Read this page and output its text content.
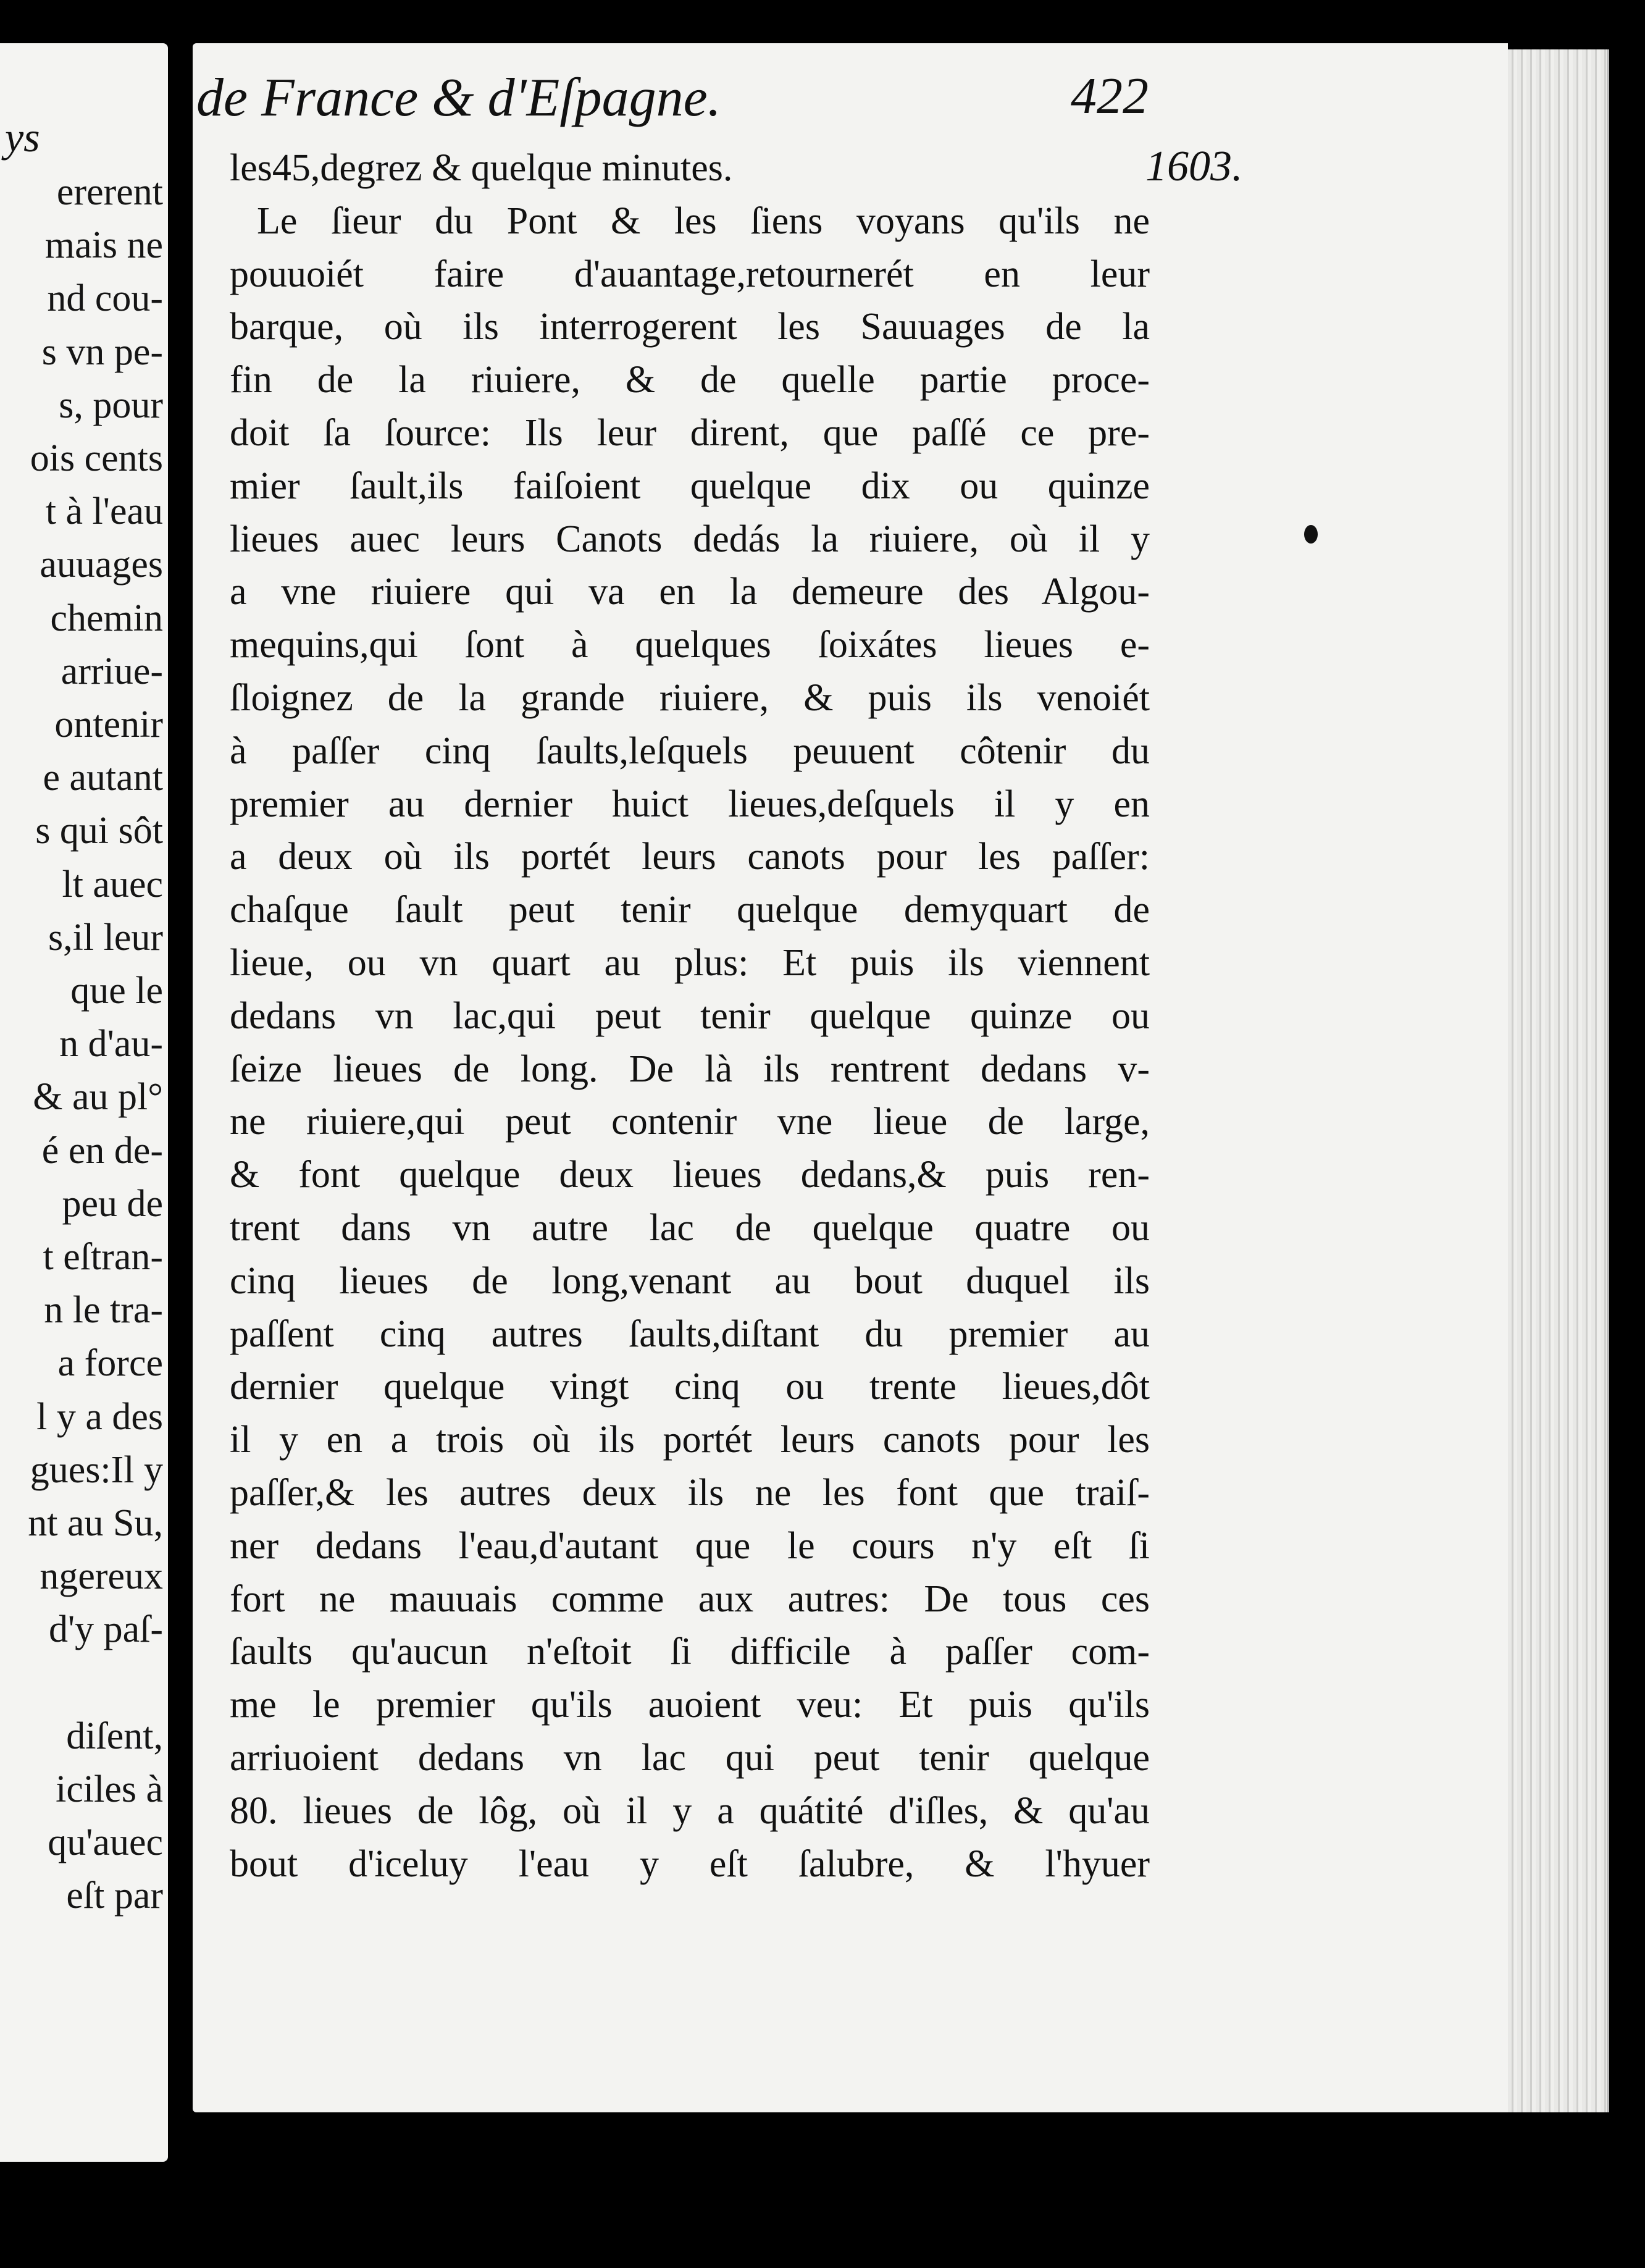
ys
ererent
mais ne
nd cou-
s vn pe-
s, pour
ois cents
t à l'eau
auuages
chemin
arriue-
ontenir
e autant
s qui sôt
lt auec
s,il leur
que le
n d'au-
& au pl°
é en de-
peu de
t eſtran-
n le tra-
a force
l y a des
gues:Il y
nt au Su,
ngereux
d'y paſ-
diſent,
iciles à
qu'auec
eſt par
les45,degrez & quelque minutes.
Le ſieur du Pont & les ſiens voyans qu'ils ne
pouuoiét faire d'auantage,retournerét en leur
barque, où ils interrogerent les Sauuages de la
fin de la riuiere, & de quelle partie proce-
doit ſa ſource: Ils leur dirent, que paſſé ce pre-
mier ſault,ils faiſoient quelque dix ou quinze
lieues auec leurs Canots dedás la riuiere, où il y
a vne riuiere qui va en la demeure des Algou-
mequins,qui ſont à quelques ſoixátes lieues e-
ſloignez de la grande riuiere, & puis ils venoiét
à paſſer cinq ſaults,leſquels peuuent côtenir du
premier au dernier huict lieues,deſquels il y en
a deux où ils portét leurs canots pour les paſſer:
chaſque ſault peut tenir quelque demyquart de
lieue, ou vn quart au plus: Et puis ils viennent
dedans vn lac,qui peut tenir quelque quinze ou
ſeize lieues de long. De là ils rentrent dedans v-
ne riuiere,qui peut contenir vne lieue de large,
& font quelque deux lieues dedans,& puis ren-
trent dans vn autre lac de quelque quatre ou
cinq lieues de long,venant au bout duquel ils
paſſent cinq autres ſaults,diſtant du premier au
dernier quelque vingt cinq ou trente lieues,dôt
il y en a trois où ils portét leurs canots pour les
paſſer,& les autres deux ils ne les font que traiſ-
ner dedans l'eau,d'autant que le cours n'y eſt ſi
fort ne mauuais comme aux autres: De tous ces
ſaults qu'aucun n'eſtoit ſi difficile à paſſer com-
me le premier qu'ils auoient veu: Et puis qu'ils
arriuoient dedans vn lac qui peut tenir quelque
80. lieues de lôg, où il y a quátité d'iſles, & qu'au
bout d'iceluy l'eau y eſt ſalubre, & l'hyuer
de France & d'Eſpagne.	422
1603.
